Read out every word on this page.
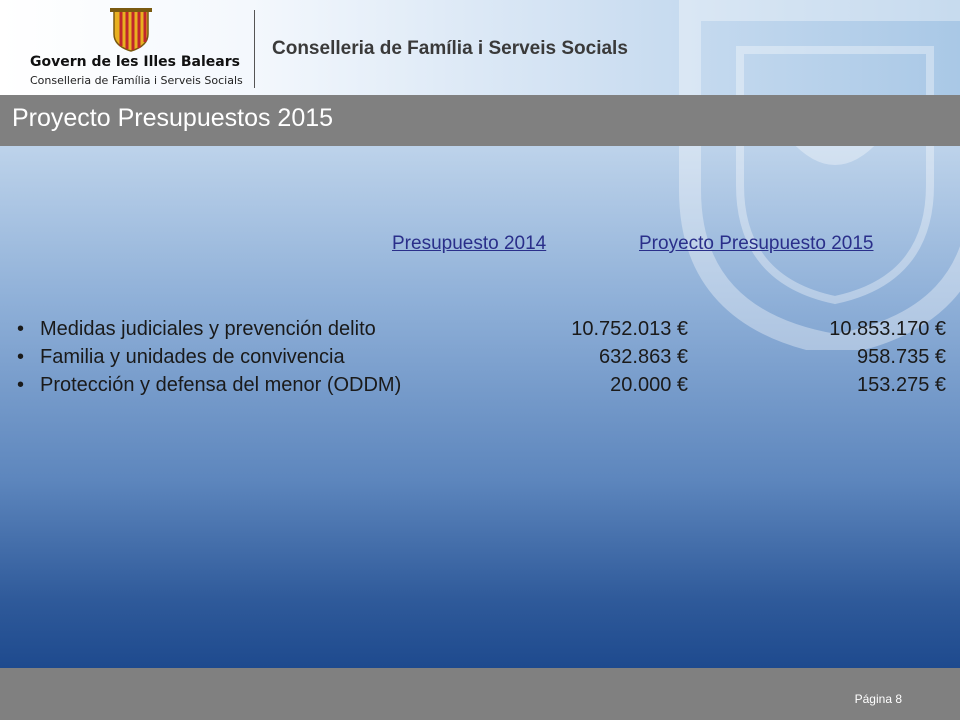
Govern de les Illes Balears
Conselleria de Família i Serveis Socials
Conselleria de Família i Serveis Socials
Proyecto Presupuestos 2015
Presupuesto 2014	Proyecto Presupuesto 2015
• Medidas judiciales y prevención delito	10.752.013 €	10.853.170 €
• Familia y unidades de convivencia	632.863 €	958.735 €
• Protección y defensa del menor (ODDM)	20.000 €	153.275 €
Página 8
